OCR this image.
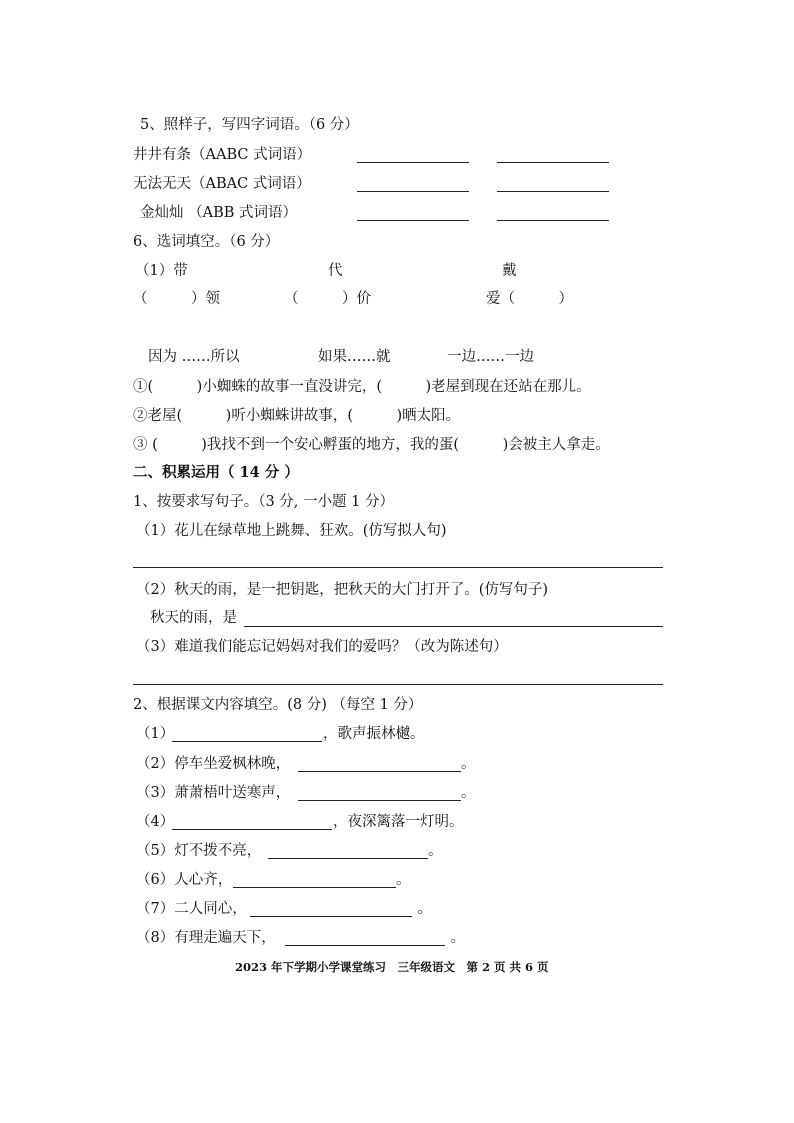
5、照样子，写四字词语。（6 分）
井井有条（AABC 式词语）
无法无天（ABAC 式词语）
金灿灿 （ABB 式词语）
6、选词填空。（6 分）
（1）带	代	戴
（　　　）领	（　　　）价	爱（　　　）
因为 ……所以	如果……就	一边……一边
①(　　　)小蜘蛛的故事一直没讲完，(　　　)老屋到现在还站在那儿。
②老屋(　　　)听小蜘蛛讲故事，(　　　)晒太阳。
③ (　　　)我找不到一个安心孵蛋的地方，我的蛋(　　　)会被主人拿走。
二、积累运用（ 14 分 ）
1、按要求写句子。（3 分, 一小题 1 分）
（1）花儿在绿草地上跳舞、狂欢。(仿写拟人句)
（2）秋天的雨，是一把钥匙，把秋天的大门打开了。(仿写句子)
秋天的雨，是
（3）难道我们能忘记妈妈对我们的爱吗？（改为陈述句）
2、根据课文内容填空。(8 分) （每空 1 分）
（1）	，歌声振林樾。
（2）停车坐爱枫林晚，	。
（3）萧萧梧叶送寒声，	。
（4）	，夜深篱落一灯明。
（5）灯不拨不亮，	。
（6）人心齐，	。
（7）二人同心，	。
（8）有理走遍天下，	。
2023 年下学期小学课堂练习　三年级语文　第 2 页 共 6 页
